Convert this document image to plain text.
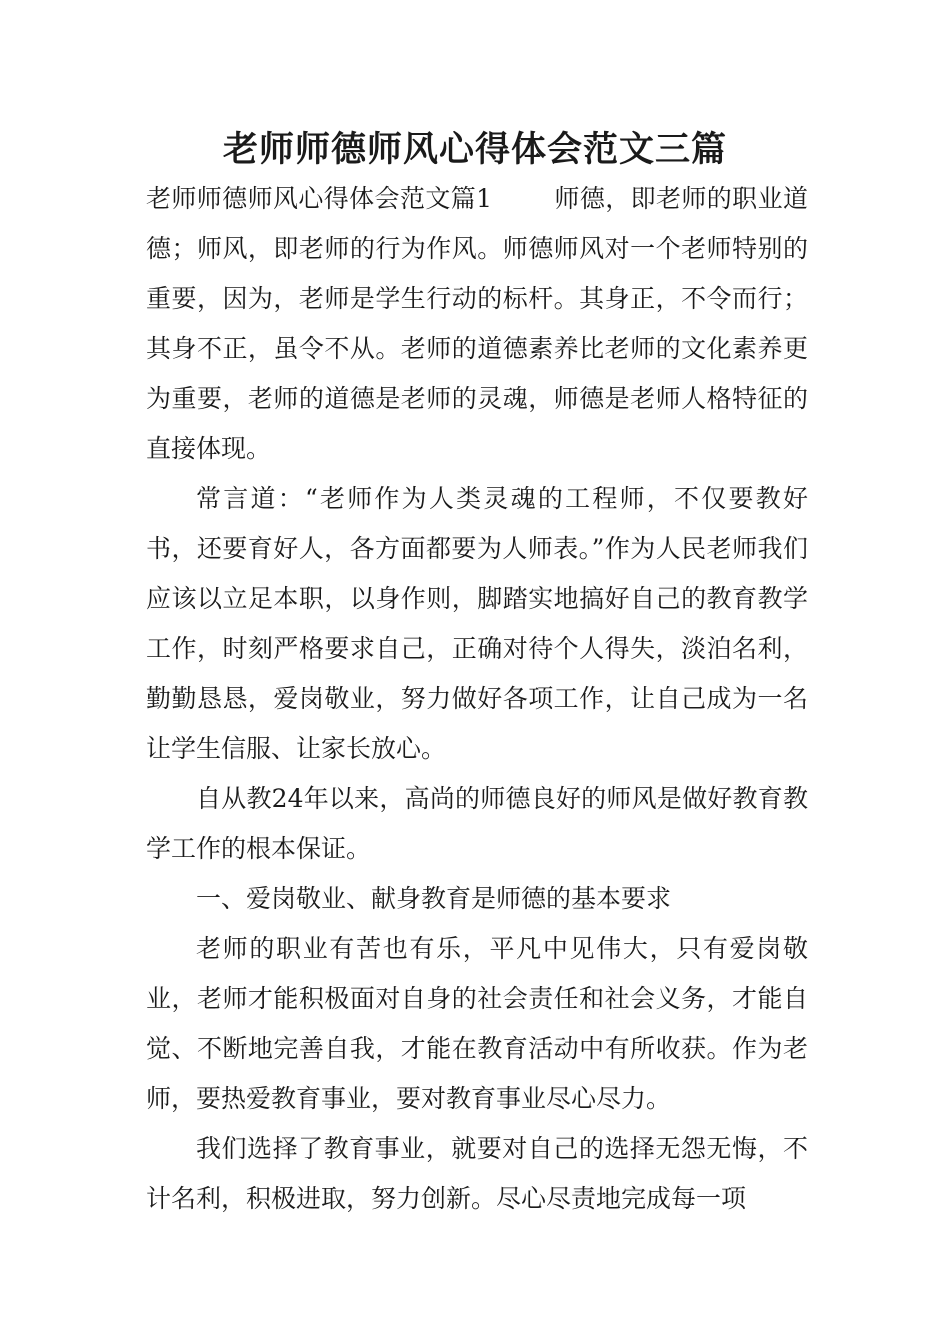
老师师德师风心得体会范文三篇

老师师德师风心得体会范文篇1 师德，即老师的职业道德；师风，即老师的行为作风。师德师风对一个老师特别的重要，因为，老师是学生行动的标杆。其身正，不令而行；其身不正，虽令不从。老师的道德素养比老师的文化素养更为重要，老师的道德是老师的灵魂，师德是老师人格特征的直接体现。

常言道：“老师作为人类灵魂的工程师，不仅要教好书，还要育好人，各方面都要为人师表。”作为人民老师我们应该以立足本职，以身作则，脚踏实地搞好自己的教育教学工作，时刻严格要求自己，正确对待个人得失，淡泊名利，勤勤恳恳，爱岗敬业，努力做好各项工作，让自己成为一名让学生信服、让家长放心。

自从教24年以来，高尚的师德良好的师风是做好教育教学工作的根本保证。

一、爱岗敬业、献身教育是师德的基本要求

老师的职业有苦也有乐，平凡中见伟大，只有爱岗敬业，老师才能积极面对自身的社会责任和社会义务，才能自觉、不断地完善自我，才能在教育活动中有所收获。作为老师，要热爱教育事业，要对教育事业尽心尽力。

我们选择了教育事业，就要对自己的选择无怨无悔，不计名利，积极进取，努力创新。尽心尽责地完成每一项
